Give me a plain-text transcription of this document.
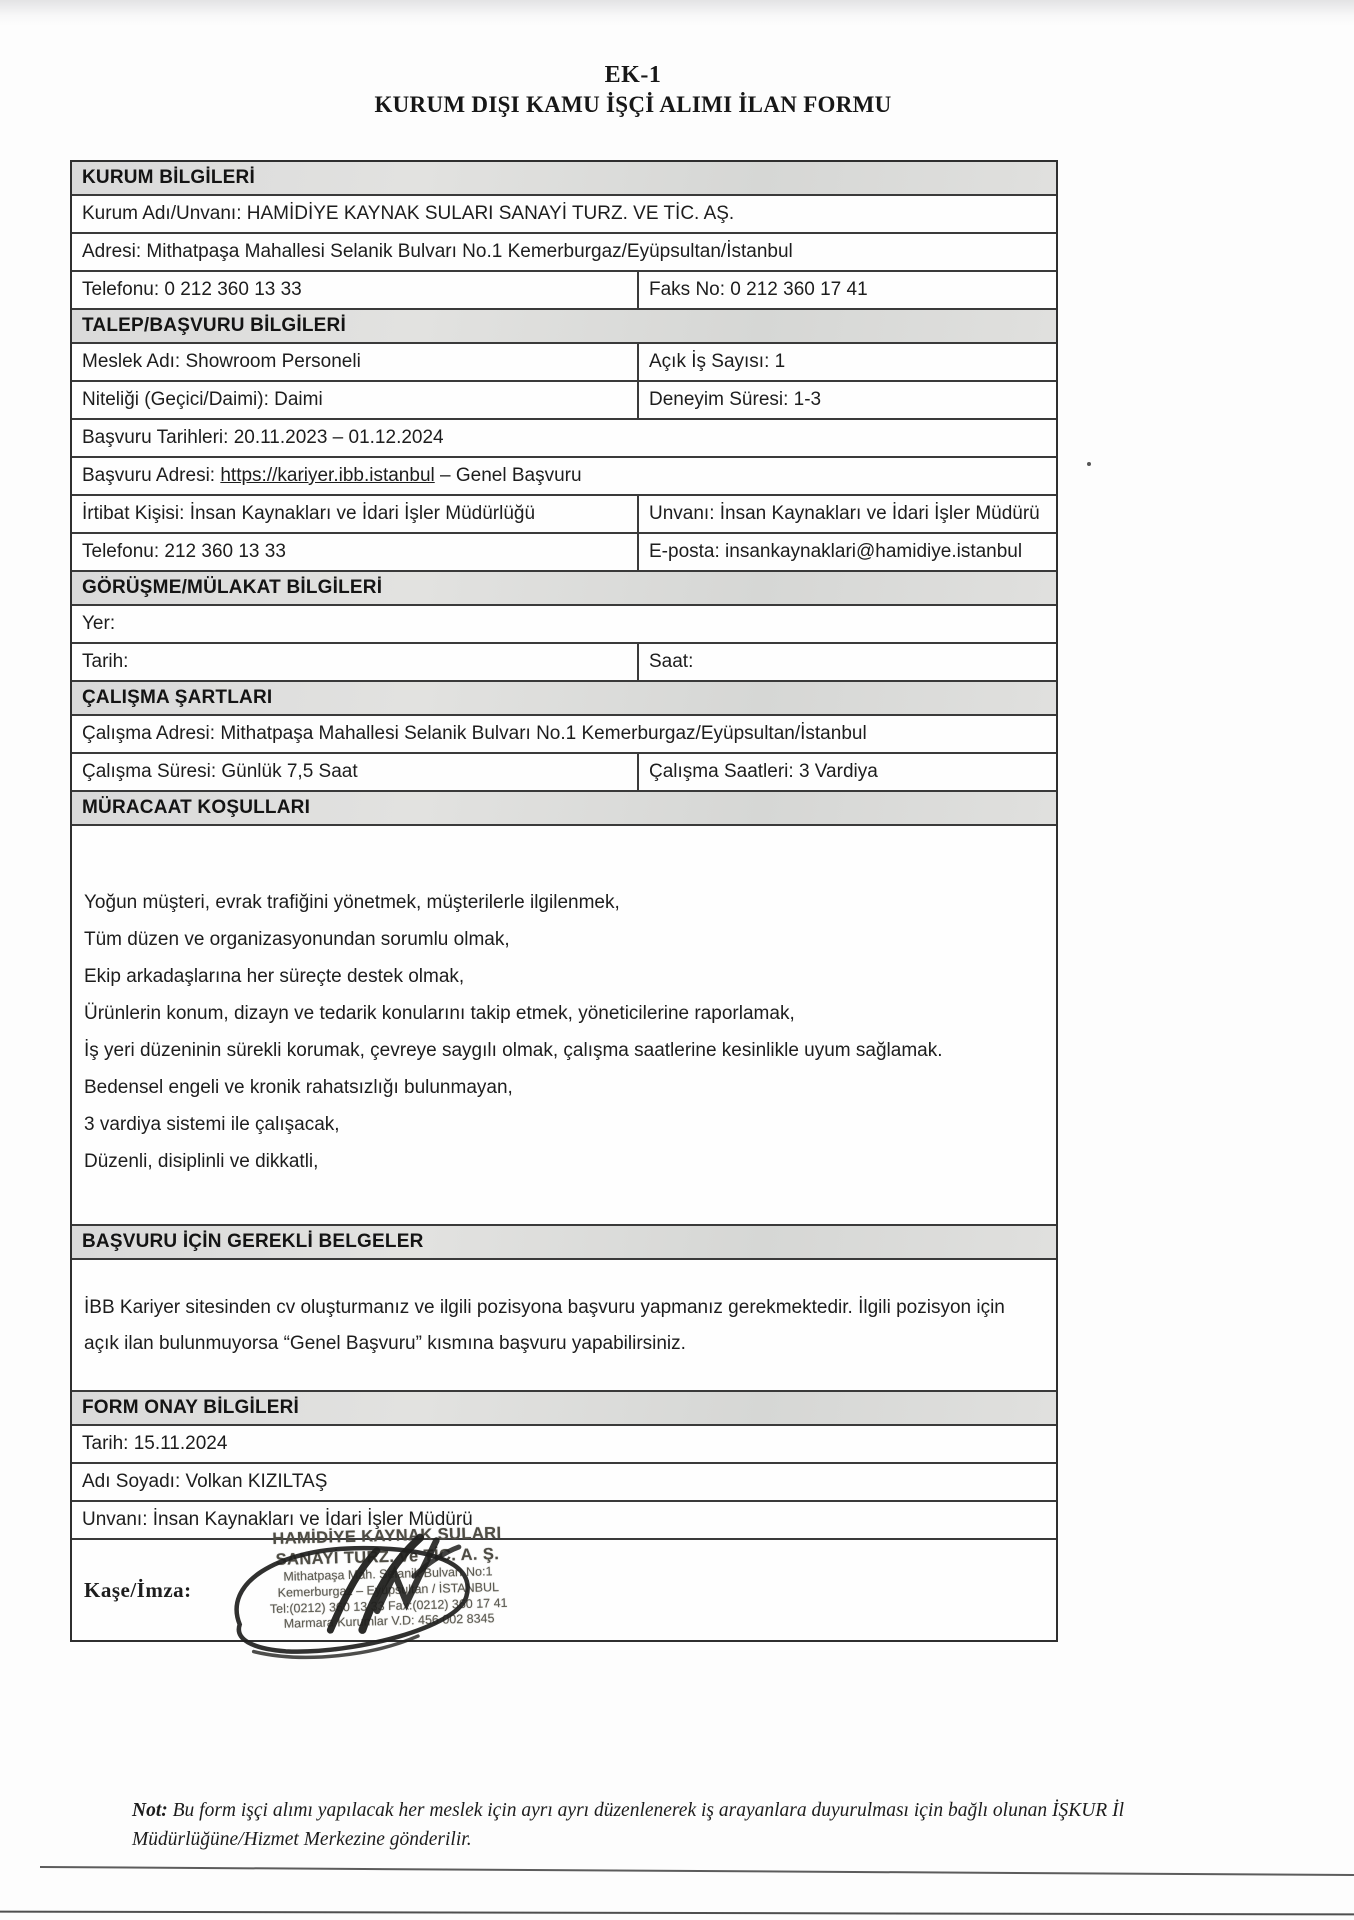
EK-1
KURUM DIŞI KAMU İŞÇİ ALIMI İLAN FORMU
KURUM BİLGİLERİ
Kurum Adı/Unvanı: HAMİDİYE KAYNAK SULARI SANAYİ TURZ. VE TİC. AŞ.
Adresi: Mithatpaşa Mahallesi Selanik Bulvarı No.1 Kemerburgaz/Eyüpsultan/İstanbul
Telefonu: 0 212 360 13 33	Faks No: 0 212 360 17 41
TALEP/BAŞVURU BİLGİLERİ
Meslek Adı: Showroom Personeli	Açık İş Sayısı: 1
Niteliği (Geçici/Daimi): Daimi	Deneyim Süresi: 1-3
Başvuru Tarihleri: 20.11.2023 – 01.12.2024
Başvuru Adresi: https://kariyer.ibb.istanbul – Genel Başvuru
İrtibat Kişisi: İnsan Kaynakları ve İdari İşler Müdürlüğü	Unvanı: İnsan Kaynakları ve İdari İşler Müdürü
Telefonu: 212 360 13 33	E-posta: insankaynaklari@hamidiye.istanbul
GÖRÜŞME/MÜLAKAT BİLGİLERİ
Yer:
Tarih:	Saat:
ÇALIŞMA ŞARTLARI
Çalışma Adresi: Mithatpaşa Mahallesi Selanik Bulvarı No.1 Kemerburgaz/Eyüpsultan/İstanbul
Çalışma Süresi: Günlük 7,5 Saat	Çalışma Saatleri: 3 Vardiya
MÜRACAAT KOŞULLARI
Yoğun müşteri, evrak trafiğini yönetmek, müşterilerle ilgilenmek,
Tüm düzen ve organizasyonundan sorumlu olmak,
Ekip arkadaşlarına her süreçte destek olmak,
Ürünlerin konum, dizayn ve tedarik konularını takip etmek, yöneticilerine raporlamak,
İş yeri düzeninin sürekli korumak, çevreye saygılı olmak, çalışma saatlerine kesinlikle uyum sağlamak.
Bedensel engeli ve kronik rahatsızlığı bulunmayan,
3 vardiya sistemi ile çalışacak,
Düzenli, disiplinli ve dikkatli,
BAŞVURU İÇİN GEREKLİ BELGELER
İBB Kariyer sitesinden cv oluşturmanız ve ilgili pozisyona başvuru yapmanız gerekmektedir. İlgili pozisyon için açık ilan bulunmuyorsa “Genel Başvuru” kısmına başvuru yapabilirsiniz.
FORM ONAY BİLGİLERİ
Tarih: 15.11.2024
Adı Soyadı: Volkan KIZILTAŞ
Unvanı: İnsan Kaynakları ve İdari İşler Müdürü
Kaşe/İmza:
HAMİDİYE KAYNAK SULARI
SANAYİ TURZ. ve TİC. A. Ş.
Mithatpaşa Mah. Selanik Bulvarı No:1
Kemerburgaz – Eyüpsultan / İSTANBUL
Tel:(0212) 360 13 33 Fax:(0212) 360 17 41
Marmara Kurumlar V.D: 456 002 8345
Not: Bu form işçi alımı yapılacak her meslek için ayrı ayrı düzenlenerek iş arayanlara duyurulması için bağlı olunan İŞKUR İl Müdürlüğüne/Hizmet Merkezine gönderilir.
